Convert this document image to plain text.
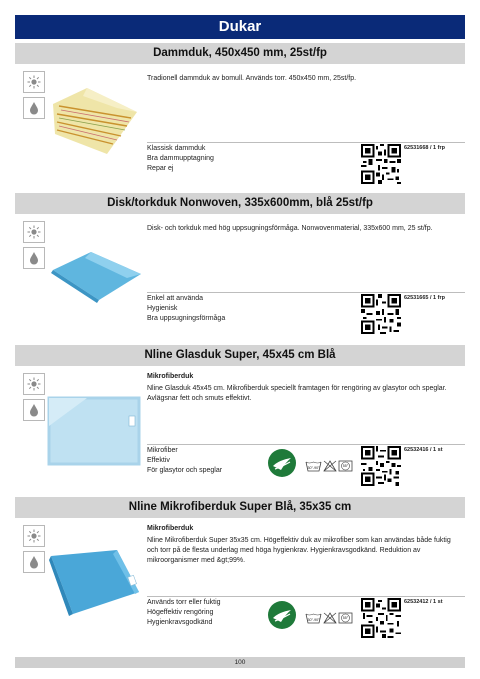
Dukar
Dammduk, 450x450 mm, 25st/fp
Tradionell dammduk av bomull. Används torr. 450x450 mm, 25st/fp.
Klassisk dammduk
Bra dammupptagning
Repar ej
62531668 / 1 frp
Disk/torkduk Nonwoven, 335x600mm, blå 25st/fp
Disk- och torkduk med hög uppsugningsförmåga. Nonwovenmaterial, 335x600 mm, 25 st/fp.
Enkel att använda
Hygienisk
Bra uppsugningsförmåga
62531665 / 1 frp
Nline Glasduk Super, 45x45 cm Blå
Mikrofiberduk
Nline Glasduk 45x45 cm. Mikrofiberduk speciellt framtagen för rengöring av glasytor och speglar. Avlägsnar fett och smuts effektivt.
Mikrofiber
Effektiv
För glasytor och speglar	30°-90°	55°
62532416 / 1 st
Nline Mikrofiberduk Super Blå, 35x35 cm
Mikrofiberduk
Nline Mikrofiberduk Super 35x35 cm. Högeffektiv duk av mikrofiber som kan användas både fuktig och torr på de flesta underlag med höga hygienkrav. Hygienkravsgodkänd. Reduktion av mikroorganismer med &gt;99%.
Används torr eller fuktig
Högeffektiv rengöring
Hygienkravsgodkänd	30°-90°	55°
62532412 / 1 st
100
